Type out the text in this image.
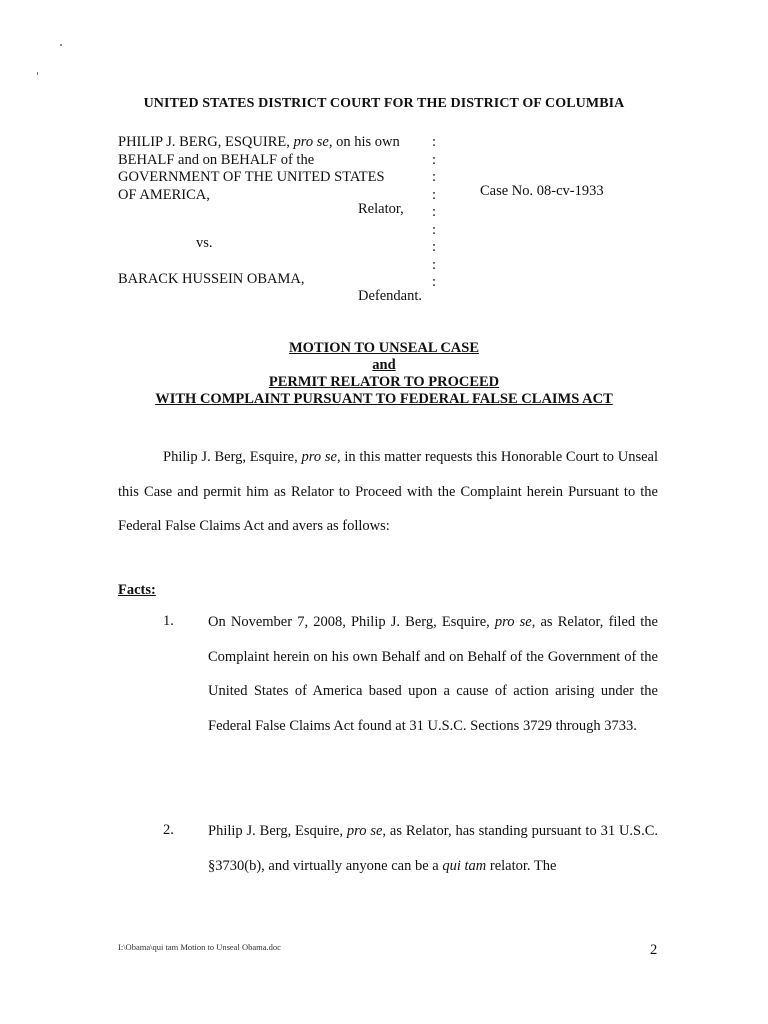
UNITED STATES DISTRICT COURT FOR THE DISTRICT OF COLUMBIA
PHILIP J. BERG, ESQUIRE, pro se, on his own
BEHALF and on BEHALF of the
GOVERNMENT OF THE UNITED STATES
OF AMERICA,
:
:
:
:
:
:
:
:
:
Case No. 08-cv-1933
Relator,
vs.
BARACK HUSSEIN OBAMA,
Defendant.
MOTION TO UNSEAL CASE
and
PERMIT RELATOR TO PROCEED
WITH COMPLAINT PURSUANT TO FEDERAL FALSE CLAIMS ACT
Philip J. Berg, Esquire, pro se, in this matter requests this Honorable Court to Unseal this Case and permit him as Relator to Proceed with the Complaint herein Pursuant to the Federal False Claims Act and avers as follows:
Facts:
1. On November 7, 2008, Philip J. Berg, Esquire, pro se, as Relator, filed the Complaint herein on his own Behalf and on Behalf of the Government of the United States of America based upon a cause of action arising under the Federal False Claims Act found at 31 U.S.C. Sections 3729 through 3733.
2. Philip J. Berg, Esquire, pro se, as Relator, has standing pursuant to 31 U.S.C. §3730(b), and virtually anyone can be a qui tam relator. The
I:\Obama\qui tam Motion to Unseal Obama.doc	2
